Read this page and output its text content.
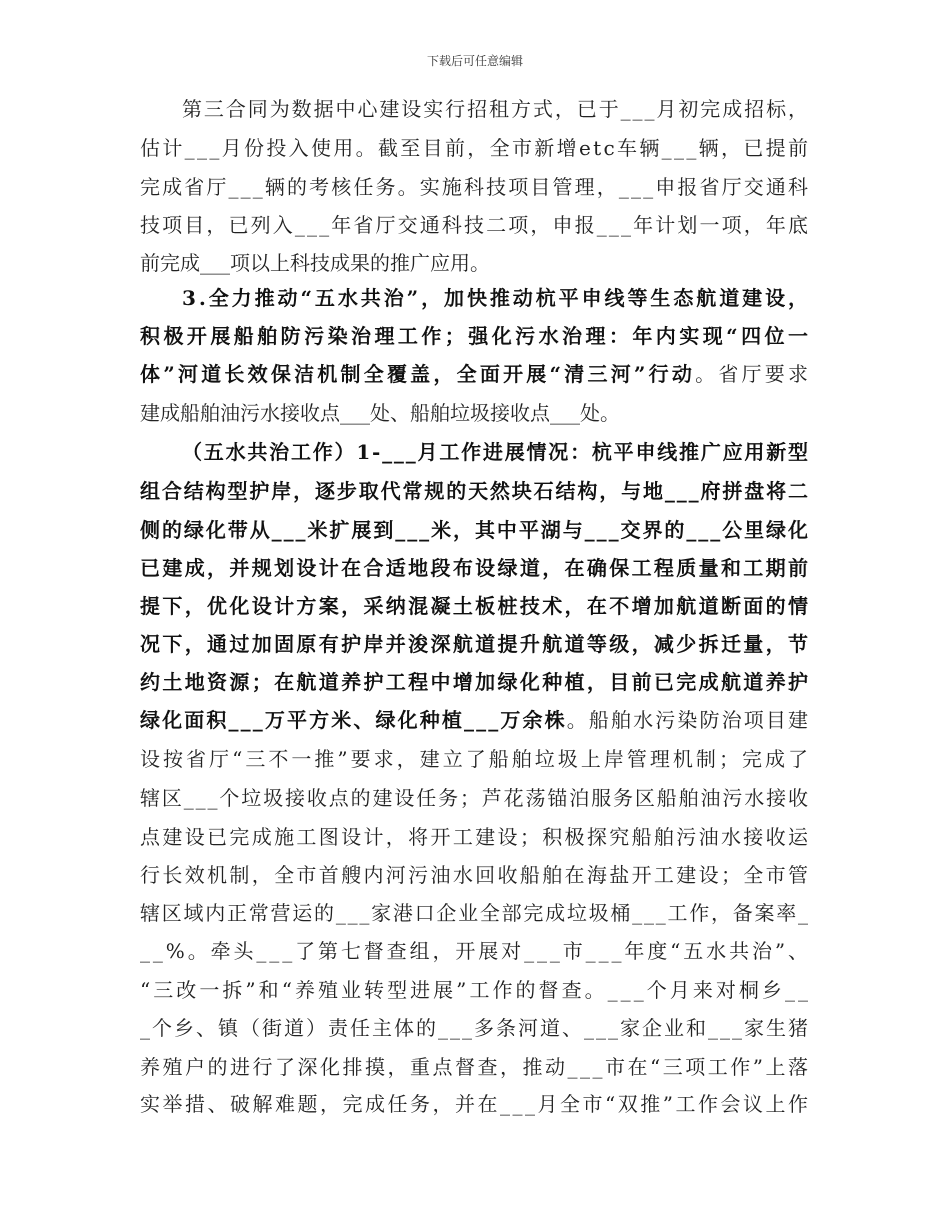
下载后可任意编辑
第三合同为数据中心建设实行招租方式，已于___月初完成招标，
估计___月份投入使用。截至目前，全市新增etc车辆___辆，已提前
完成省厅___辆的考核任务。实施科技项目管理，___申报省厅交通科
技项目，已列入___年省厅交通科技二项，申报___年计划一项，年底
前完成___项以上科技成果的推广应用。
3.全力推动“五水共治”，加快推动杭平申线等生态航道建设，
积极开展船舶防污染治理工作；强化污水治理：年内实现“四位一
体”河道长效保洁机制全覆盖，全面开展“清三河”行动 。省厅要求
建成船舶油污水接收点___处、船舶垃圾接收点___处。
（五水共治工作）1-___月工作进展情况：杭平申线推广应用新型
组合结构型护岸，逐步取代常规的天然块石结构，与地___府拼盘将二
侧的绿化带从___米扩展到___米，其中平湖与___交界的___公里绿化
已建成，并规划设计在合适地段布设绿道，在确保工程质量和工期前
提下，优化设计方案，采纳混凝土板桩技术，在不增加航道断面的情
况下，通过加固原有护岸并浚深航道提升航道等级，减少拆迁量，节
约土地资源；在航道养护工程中增加绿化种植，目前已完成航道养护
绿化面积___万平方米、绿化种植___万余株 。船舶水污染防治项目建
设按省厅“三不一推”要求，建立了船舶垃圾上岸管理机制；完成了
辖区___个垃圾接收点的建设任务；芦花荡锚泊服务区船舶油污水接收
点建设已完成施工图设计，将开工建设；积极探究船舶污油水接收运
行长效机制，全市首艘内河污油水回收船舶在海盐开工建设；全市管
辖区域内正常营运的___家港口企业全部完成垃圾桶___工作，备案率_
__%。牵头___了第七督查组，开展对___市___年度“五水共治”、
“三改一拆”和“养殖业转型进展”工作的督查。___个月来对桐乡__
_个乡、镇（街道）责任主体的___多条河道、___家企业和___家生猪
养殖户的进行了深化排摸，重点督查，推动___市在“三项工作”上落
实举措、破解难题，完成任务，并在___月全市“双推”工作会议上作
